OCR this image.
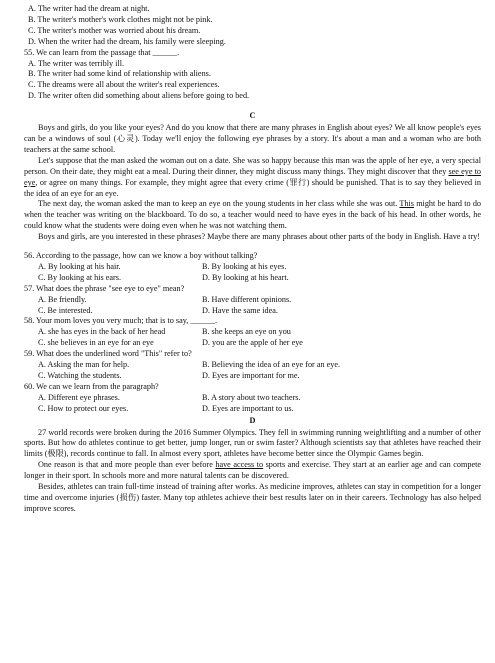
A. The writer had the dream at night.
B. The writer's mother's work clothes might not be pink.
C. The writer's mother was worried about his dream.
D. When the writer had the dream, his family were sleeping.
55. We can learn from the passage that ______.
A. The writer was terribly ill.
B. The writer had some kind of relationship with aliens.
C. The dreams were all about the writer's real experiences.
D. The writer often did something about aliens before going to bed.
C
Boys and girls, do you like your eyes? And do you know that there are many phrases in English about eyes? We all know people's eyes can be a windows of soul (心灵). Today we'll enjoy the following eye phrases by a story. It's about a man and a woman who are both teachers at the same school.
Let's suppose that the man asked the woman out on a date. She was so happy because this man was the apple of her eye, a very special person. On their date, they might eat a meal. During their dinner, they might discuss many things. They might discover that they see eye to eye, or agree on many things. For example, they might agree that every crime (罪行) should be punished. That is to say they believed in the idea of an eye for an eye.
The next day, the woman asked the man to keep an eye on the young students in her class while she was out. This might be hard to do when the teacher was writing on the blackboard. To do so, a teacher would need to have eyes in the back of his head. In other words, he could know what the students were doing even when he was not watching them.
Boys and girls, are you interested in these phrases? Maybe there are many phrases about other parts of the body in English. Have a try!
56. According to the passage, how can we know a boy without talking?
A. By looking at his hair.	B. By looking at his eyes.
C. By looking at his ears.	D. By looking at his heart.
57. What does the phrase "see eye to eye" mean?
A. Be friendly.	B. Have different opinions.
C. Be interested.	D. Have the same idea.
58. Your mom loves you very much; that is to say, ______.
A. she has eyes in the back of her head	B. she keeps an eye on you
C. she believes in an eye for an eye	D. you are the apple of her eye
59. What does the underlined word "This" refer to?
A. Asking the man for help.	B. Believing the idea of an eye for an eye.
C. Watching the students.	D. Eyes are important for me.
60. We can we learn from the paragraph?
A. Different eye phrases.	B. A story about two teachers.
C. How to protect our eyes.	D. Eyes are important to us.
D
27 world records were broken during the 2016 Summer Olympics. They fell in swimming running weightlifting and a number of other sports. But how do athletes continue to get better, jump longer, run or swim faster? Although scientists say that athletes have reached their limits (极限), records continue to fall. In almost every sport, athletes have become better since the Olympic Games begin.
One reason is that and more people than ever before have access to sports and exercise. They start at an earlier age and can compete longer in their sport. In schools more and more natural talents can be discovered.
Besides, athletes can train full-time instead of training after works. As medicine improves, athletes can stay in competition for a longer time and overcome injuries (损伤) faster. Many top athletes achieve their best results later on in their careers. Technology has also helped improve scores.
